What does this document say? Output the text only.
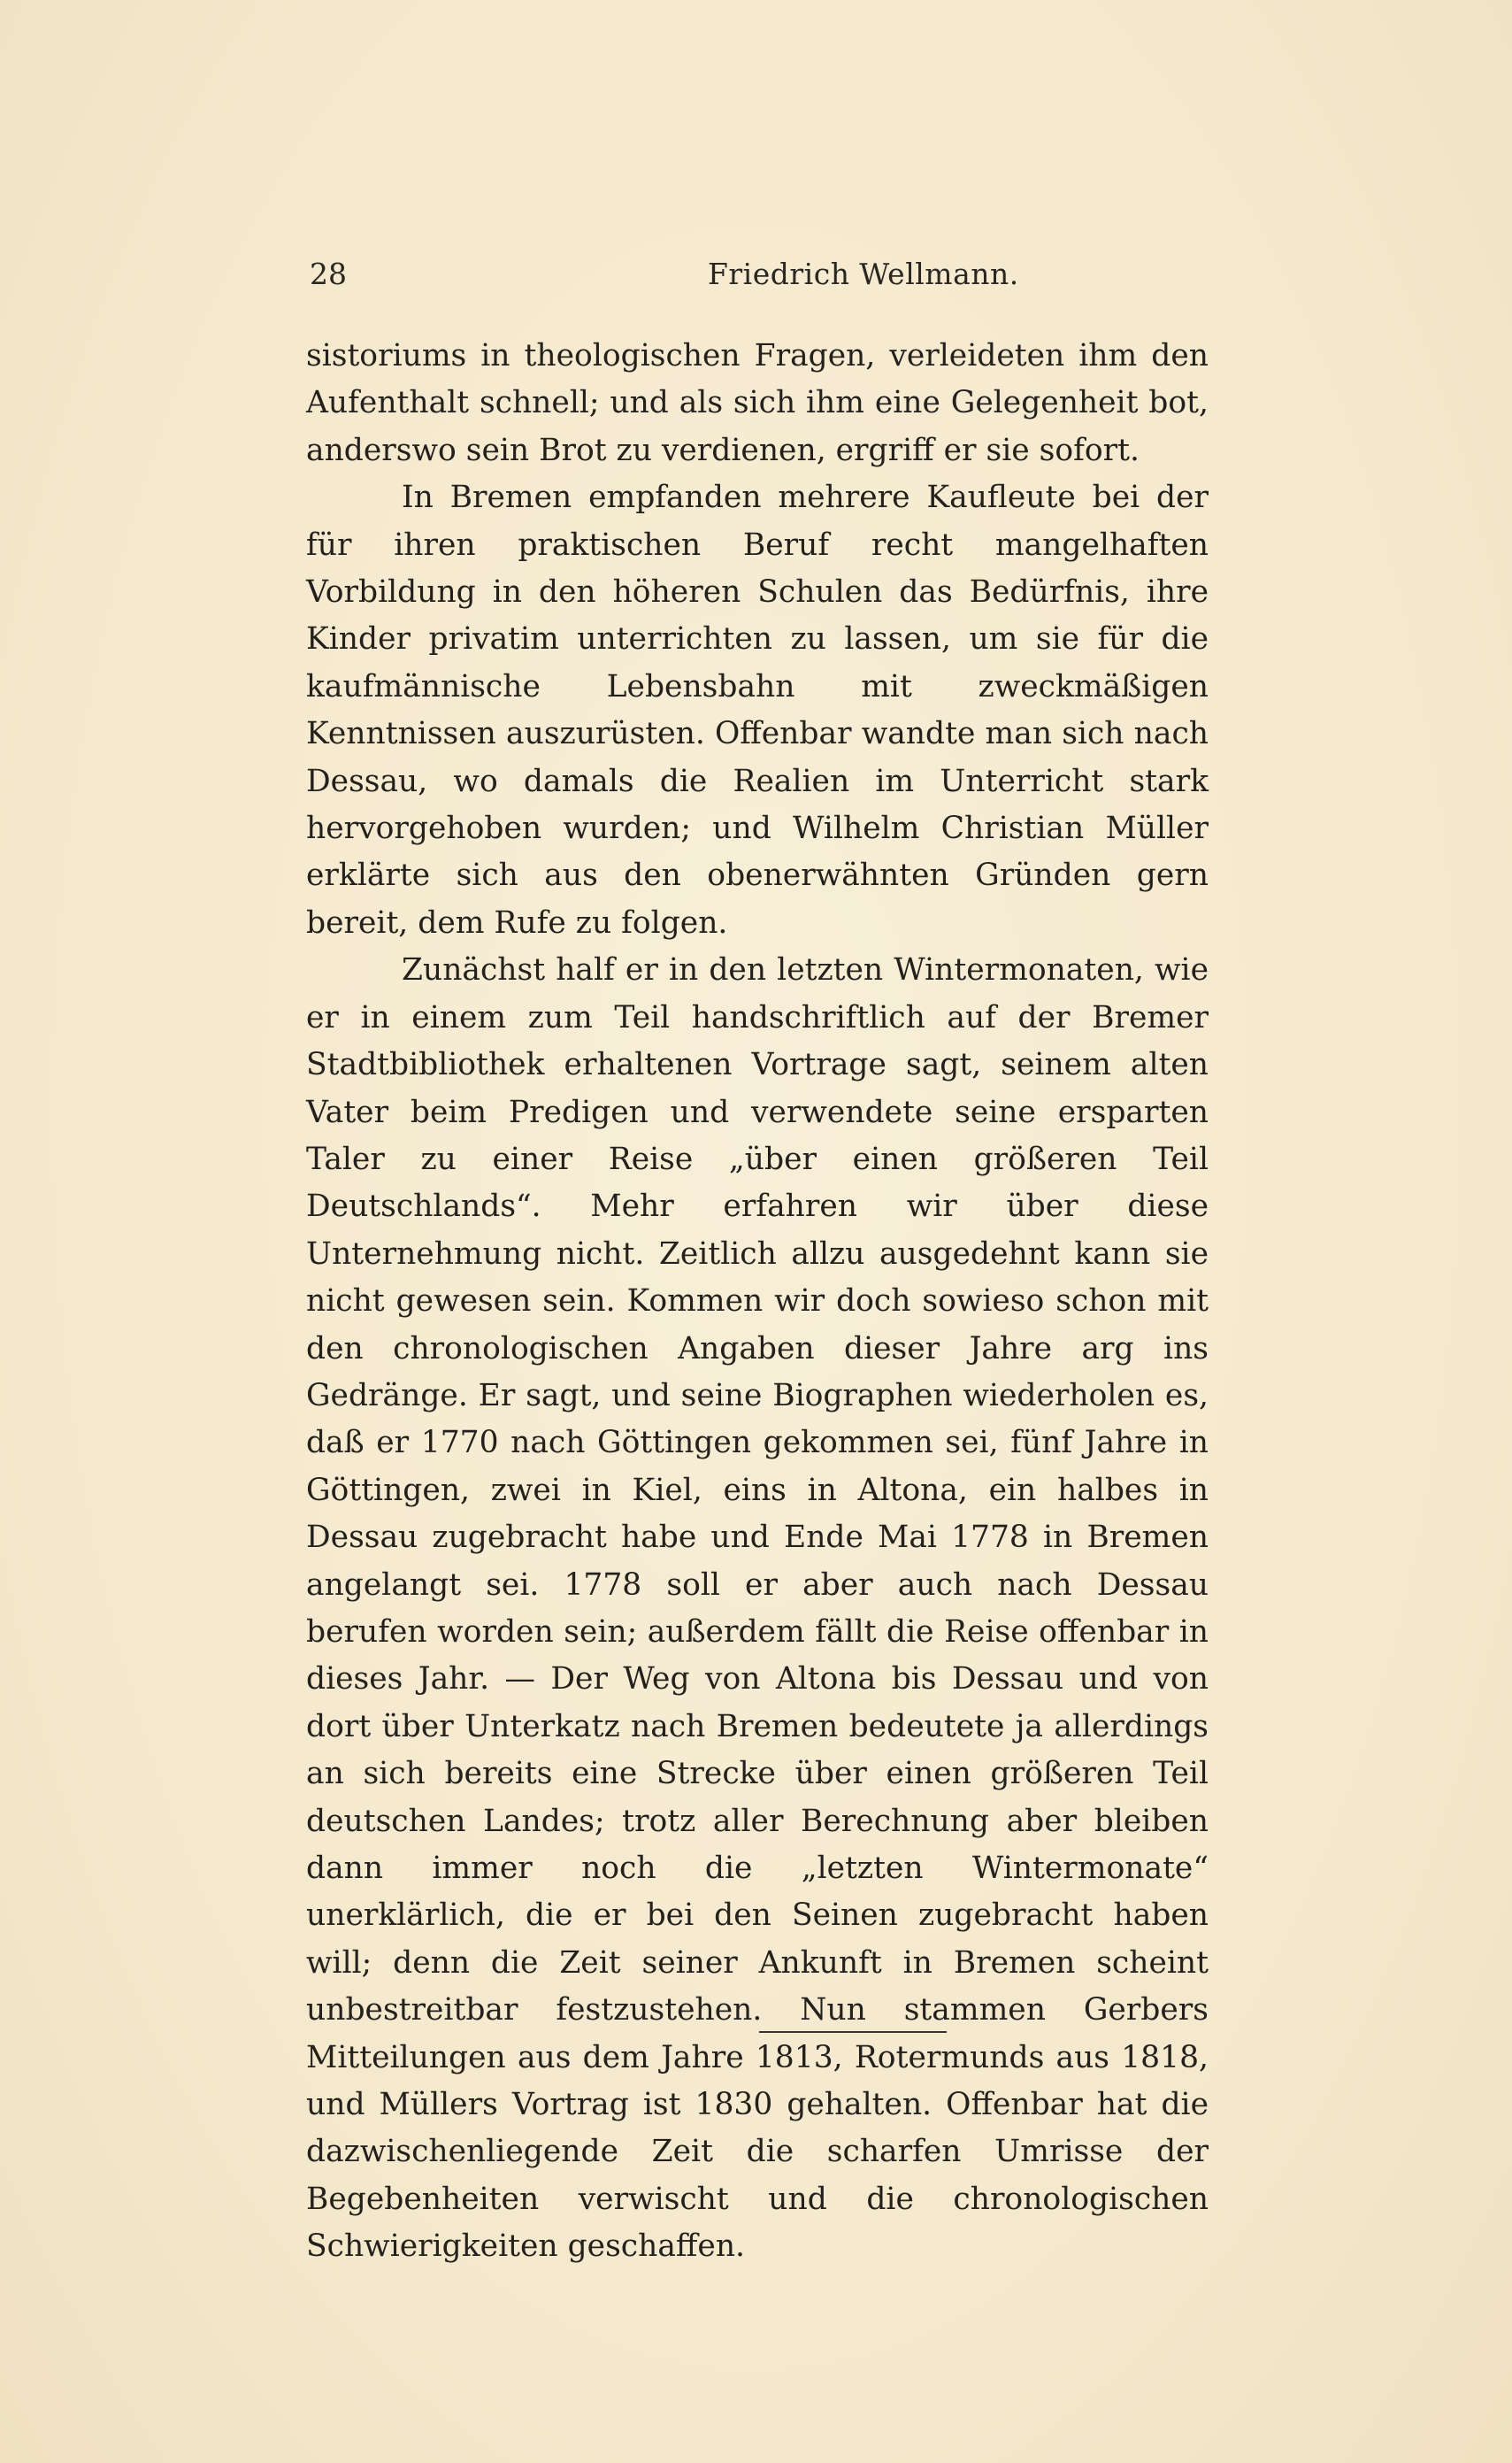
28	Friedrich Wellmann.

sistoriums in theologischen Fragen, verleideten ihm den Aufenthalt schnell; und als sich ihm eine Gelegenheit bot, anderswo sein Brot zu verdienen, ergriff er sie sofort.

In Bremen empfanden mehrere Kaufleute bei der für ihren praktischen Beruf recht mangelhaften Vorbildung in den höheren Schulen das Bedürfnis, ihre Kinder privatim unterrichten zu lassen, um sie für die kaufmännische Lebensbahn mit zweckmäßigen Kenntnissen auszurüsten. Offenbar wandte man sich nach Dessau, wo damals die Realien im Unterricht stark hervorgehoben wurden; und Wilhelm Christian Müller erklärte sich aus den obenerwähnten Gründen gern bereit, dem Rufe zu folgen.

Zunächst half er in den letzten Wintermonaten, wie er in einem zum Teil handschriftlich auf der Bremer Stadtbibliothek erhaltenen Vortrage sagt, seinem alten Vater beim Predigen und verwendete seine ersparten Taler zu einer Reise „über einen größeren Teil Deutschlands“. Mehr erfahren wir über diese Unternehmung nicht. Zeitlich allzu ausgedehnt kann sie nicht gewesen sein. Kommen wir doch sowieso schon mit den chronologischen Angaben dieser Jahre arg ins Gedränge. Er sagt, und seine Biographen wiederholen es, daß er 1770 nach Göttingen gekommen sei, fünf Jahre in Göttingen, zwei in Kiel, eins in Altona, ein halbes in Dessau zugebracht habe und Ende Mai 1778 in Bremen angelangt sei. 1778 soll er aber auch nach Dessau berufen worden sein; außerdem fällt die Reise offenbar in dieses Jahr. — Der Weg von Altona bis Dessau und von dort über Unterkatz nach Bremen bedeutete ja allerdings an sich bereits eine Strecke über einen größeren Teil deutschen Landes; trotz aller Berechnung aber bleiben dann immer noch die „letzten Wintermonate“ unerklärlich, die er bei den Seinen zugebracht haben will; denn die Zeit seiner Ankunft in Bremen scheint unbestreitbar festzustehen. Nun stammen Gerbers Mitteilungen aus dem Jahre 1813, Rotermunds aus 1818, und Müllers Vortrag ist 1830 gehalten. Offenbar hat die dazwischenliegende Zeit die scharfen Umrisse der Begebenheiten verwischt und die chronologischen Schwierigkeiten geschaffen.
